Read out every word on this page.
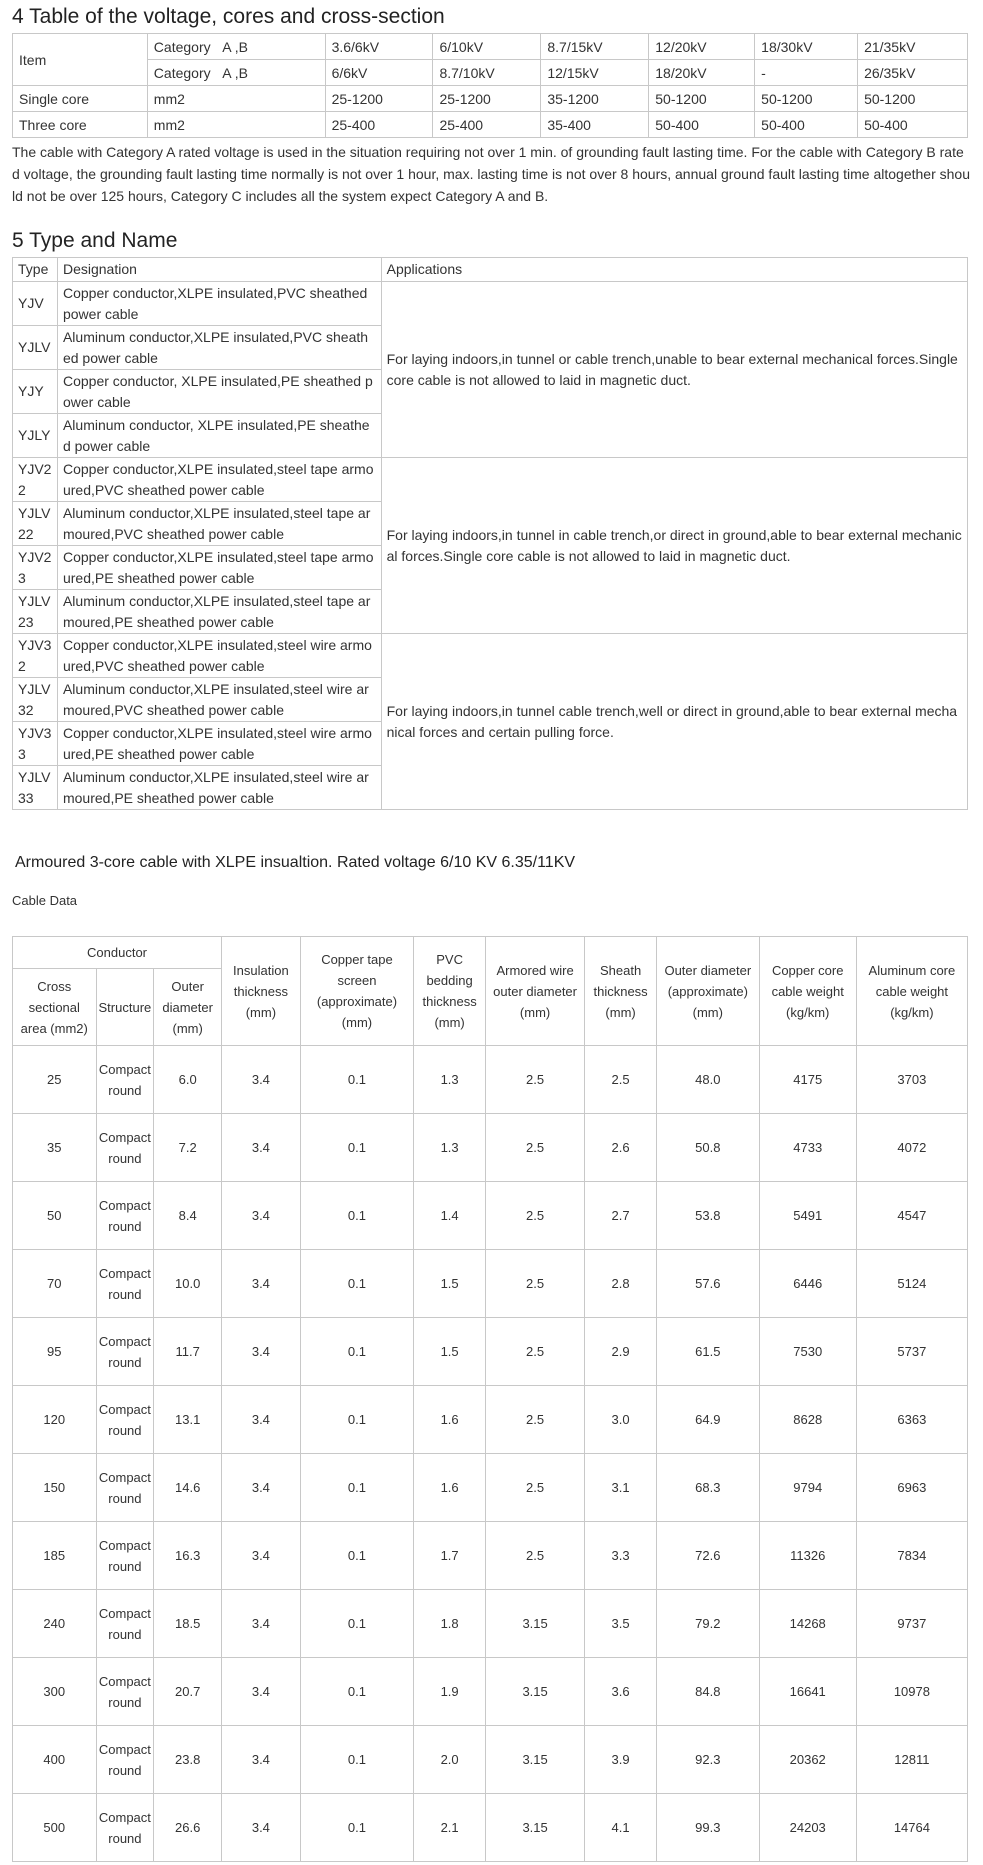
4 Table of the voltage, cores and cross-section
Item	Category   A ,B	3.6/6kV	6/10kV	8.7/15kV	12/20kV	18/30kV	21/35kV
	Category   A ,B	6/6kV	8.7/10kV	12/15kV	18/20kV	-	26/35kV
Single core	mm2	25-1200	25-1200	35-1200	50-1200	50-1200	50-1200
Three core	mm2	25-400	25-400	35-400	50-400	50-400	50-400

The cable with Category A rated voltage is used in the situation requiring not over 1 min. of grounding fault lasting time. For the cable with Category B rated voltage, the grounding fault lasting time normally is not over 1 hour, max. lasting time is not over 8 hours, annual ground fault lasting time altogether should not be over 125 hours, Category C includes all the system expect Category A and B.

5 Type and Name
Type	Designation	Applications
YJV	Copper conductor,XLPE insulated,PVC sheathed power cable	For laying indoors,in tunnel or cable trench,unable to bear external mechanical forces.Single core cable is not allowed to laid in magnetic duct.
YJLV	Aluminum conductor,XLPE insulated,PVC sheathed power cable	
YJY	Copper conductor, XLPE insulated,PE sheathed power cable	
YJLY	Aluminum conductor, XLPE insulated,PE sheathed power cable	
YJV22	Copper conductor,XLPE insulated,steel tape armoured,PVC sheathed power cable	For laying indoors,in tunnel in cable trench,or direct in ground,able to bear external mechanical forces.Single core cable is not allowed to laid in magnetic duct.
YJLV22	Aluminum conductor,XLPE insulated,steel tape armoured,PVC sheathed power cable	
YJV23	Copper conductor,XLPE insulated,steel tape armoured,PE sheathed power cable	
YJLV23	Aluminum conductor,XLPE insulated,steel tape armoured,PE sheathed power cable	
YJV32	Copper conductor,XLPE insulated,steel wire armoured,PVC sheathed power cable	For laying indoors,in tunnel cable trench,well or direct in ground,able to bear external mechanical forces and certain pulling force.
YJLV32	Aluminum conductor,XLPE insulated,steel wire armoured,PVC sheathed power cable	
YJV33	Copper conductor,XLPE insulated,steel wire armoured,PE sheathed power cable	
YJLV33	Aluminum conductor,XLPE insulated,steel wire armoured,PE sheathed power cable	

Armoured 3-core cable with XLPE insualtion. Rated voltage 6/10 KV 6.35/11KV

Cable Data

Conductor			Insulation thickness (mm)	Copper tape screen (approximate) (mm)	PVC bedding thickness (mm)	Armored wire outer diameter (mm)	Sheath thickness (mm)	Outer diameter (approximate) (mm)	Copper core cable weight (kg/km)	Aluminum core cable weight (kg/km)
Cross sectional area (mm2)	Structure	Outer diameter (mm)								
25	Compact round	6.0	3.4	0.1	1.3	2.5	2.5	48.0	4175	3703
35	Compact round	7.2	3.4	0.1	1.3	2.5	2.6	50.8	4733	4072
50	Compact round	8.4	3.4	0.1	1.4	2.5	2.7	53.8	5491	4547
70	Compact round	10.0	3.4	0.1	1.5	2.5	2.8	57.6	6446	5124
95	Compact round	11.7	3.4	0.1	1.5	2.5	2.9	61.5	7530	5737
120	Compact round	13.1	3.4	0.1	1.6	2.5	3.0	64.9	8628	6363
150	Compact round	14.6	3.4	0.1	1.6	2.5	3.1	68.3	9794	6963
185	Compact round	16.3	3.4	0.1	1.7	2.5	3.3	72.6	11326	7834
240	Compact round	18.5	3.4	0.1	1.8	3.15	3.5	79.2	14268	9737
300	Compact round	20.7	3.4	0.1	1.9	3.15	3.6	84.8	16641	10978
400	Compact round	23.8	3.4	0.1	2.0	3.15	3.9	92.3	20362	12811
500	Compact round	26.6	3.4	0.1	2.1	3.15	4.1	99.3	24203	14764
